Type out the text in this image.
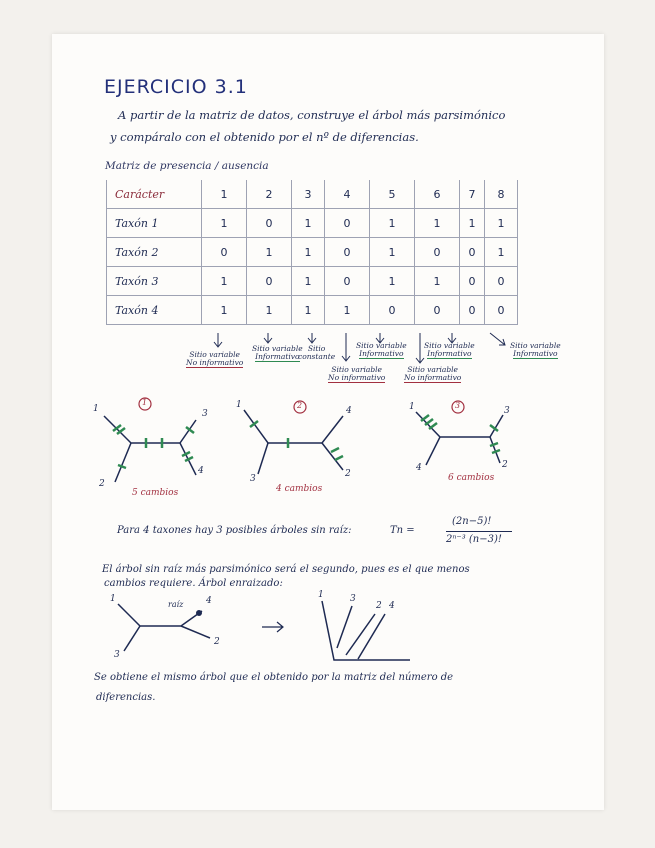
EJERCICIO 3.1
A partir de la matriz de datos, construye el árbol más parsimónico
y compáralo con el obtenido por el nº de diferencias.
Matriz de presencia / ausencia
Carácter	1	2	3	4	5	6	7	8
Taxón 1	1	0	1	0	1	1	1	1
Taxón 2	0	1	1	0	1	0	0	1
Taxón 3	1	0	1	0	1	1	0	0
Taxón 4	1	1	1	1	0	0	0	0
Sitio variable
No informativo
Sitio variable
Informativo
Sitio
constante
Sitio variable
No informativo
Sitio variable
Informativo
Sitio variable
No informativo
Sitio variable
Informativo
Sitio variable
Informativo
1	3
2
4
5 cambios
1
4
3	2
4 cambios
1	3
4	2
6 cambios
Para 4 taxones hay 3 posibles árboles sin raíz:	Tn =
(2n−5)!
2ⁿ⁻³ (n−3)!
El árbol sin raíz más parsimónico será el segundo, pues es el que menos
cambios requiere. Árbol enraizado:
1
raíz	4
3
2
1	3
2 4
Se obtiene el mismo árbol que el obtenido por la matriz del número de
diferencias.
1	2	3
